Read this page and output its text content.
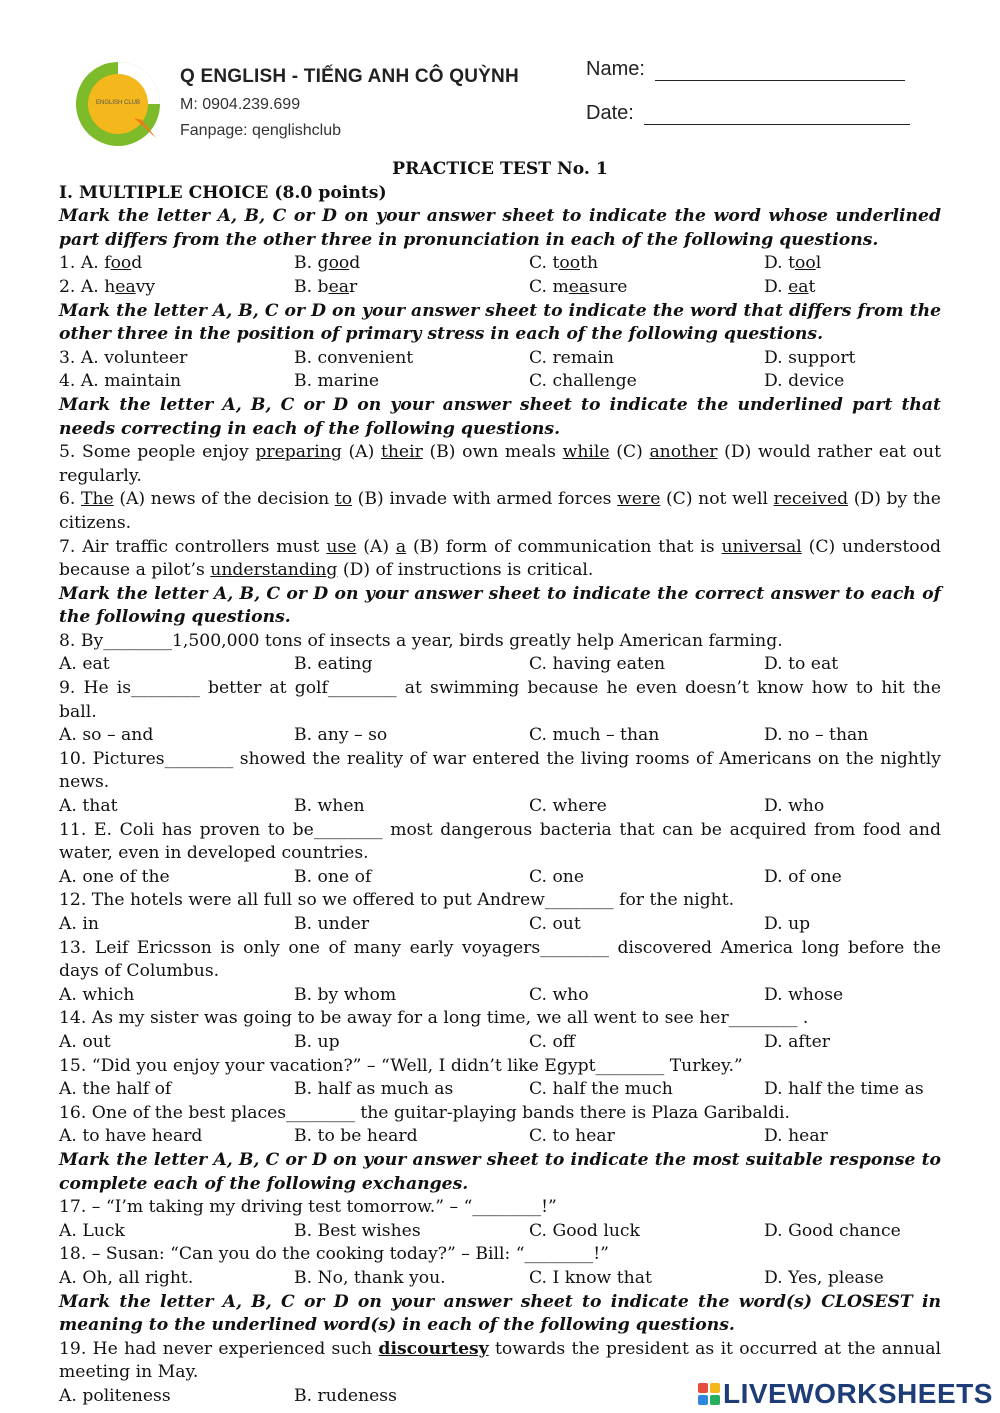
ENGLISH CLUB
Q ENGLISH - TIẾNG ANH CÔ QUỲNH
M: 0904.239.699
Fanpage: qenglishclub
Name:
Date:
PRACTICE TEST No. 1
I. MULTIPLE CHOICE (8.0 points)
Mark the letter A, B, C or D on your answer sheet to indicate the word whose underlined part differs from the other three in pronunciation in each of the following questions.
1. A. food	B. good	C. tooth	D. tool
2. A. heavy	B. bear	C. measure	D. eat
Mark the letter A, B, C or D on your answer sheet to indicate the word that differs from the other three in the position of primary stress in each of the following questions.
3. A. volunteer	B. convenient	C. remain	D. support
4. A. maintain	B. marine	C. challenge	D. device
Mark the letter A, B, C or D on your answer sheet to indicate the underlined part that needs correcting in each of the following questions.
5. Some people enjoy preparing (A) their (B) own meals while (C) another (D) would rather eat out regularly.
6. The (A) news of the decision to (B) invade with armed forces were (C) not well received (D) by the citizens.
7. Air traffic controllers must use (A) a (B) form of communication that is universal (C) understood because a pilot’s understanding (D) of instructions is critical.
Mark the letter A, B, C or D on your answer sheet to indicate the correct answer to each of the following questions.
8. By________1,500,000 tons of insects a year, birds greatly help American farming.
A. eat	B. eating	C. having eaten	D. to eat
9. He is________ better at golf________ at swimming because he even doesn’t know how to hit the ball.
A. so – and	B. any – so	C. much – than	D. no – than
10. Pictures________ showed the reality of war entered the living rooms of Americans on the nightly news.
A. that	B. when	C. where	D. who
11. E. Coli has proven to be________ most dangerous bacteria that can be acquired from food and water, even in developed countries.
A. one of the	B. one of	C. one	D. of one
12. The hotels were all full so we offered to put Andrew________ for the night.
A. in	B. under	C. out	D. up
13. Leif Ericsson is only one of many early voyagers________ discovered America long before the days of Columbus.
A. which	B. by whom	C. who	D. whose
14. As my sister was going to be away for a long time, we all went to see her________ .
A. out	B. up	C. off	D. after
15. “Did you enjoy your vacation?” – “Well, I didn’t like Egypt________ Turkey.”
A. the half of	B. half as much as	C. half the much	D. half the time as
16. One of the best places________ the guitar-playing bands there is Plaza Garibaldi.
A. to have heard	B. to be heard	C. to hear	D. hear
Mark the letter A, B, C or D on your answer sheet to indicate the most suitable response to complete each of the following exchanges.
17. – “I’m taking my driving test tomorrow.” – “________!”
A. Luck	B. Best wishes	C. Good luck	D. Good chance
18. – Susan: “Can you do the cooking today?” – Bill: “________!”
A. Oh, all right.	B. No, thank you.	C. I know that	D. Yes, please
Mark the letter A, B, C or D on your answer sheet to indicate the word(s) CLOSEST in meaning to the underlined word(s) in each of the following questions.
19. He had never experienced such discourtesy towards the president as it occurred at the annual meeting in May.
A. politeness	B. rudeness	LIVEWORKSHEETS
